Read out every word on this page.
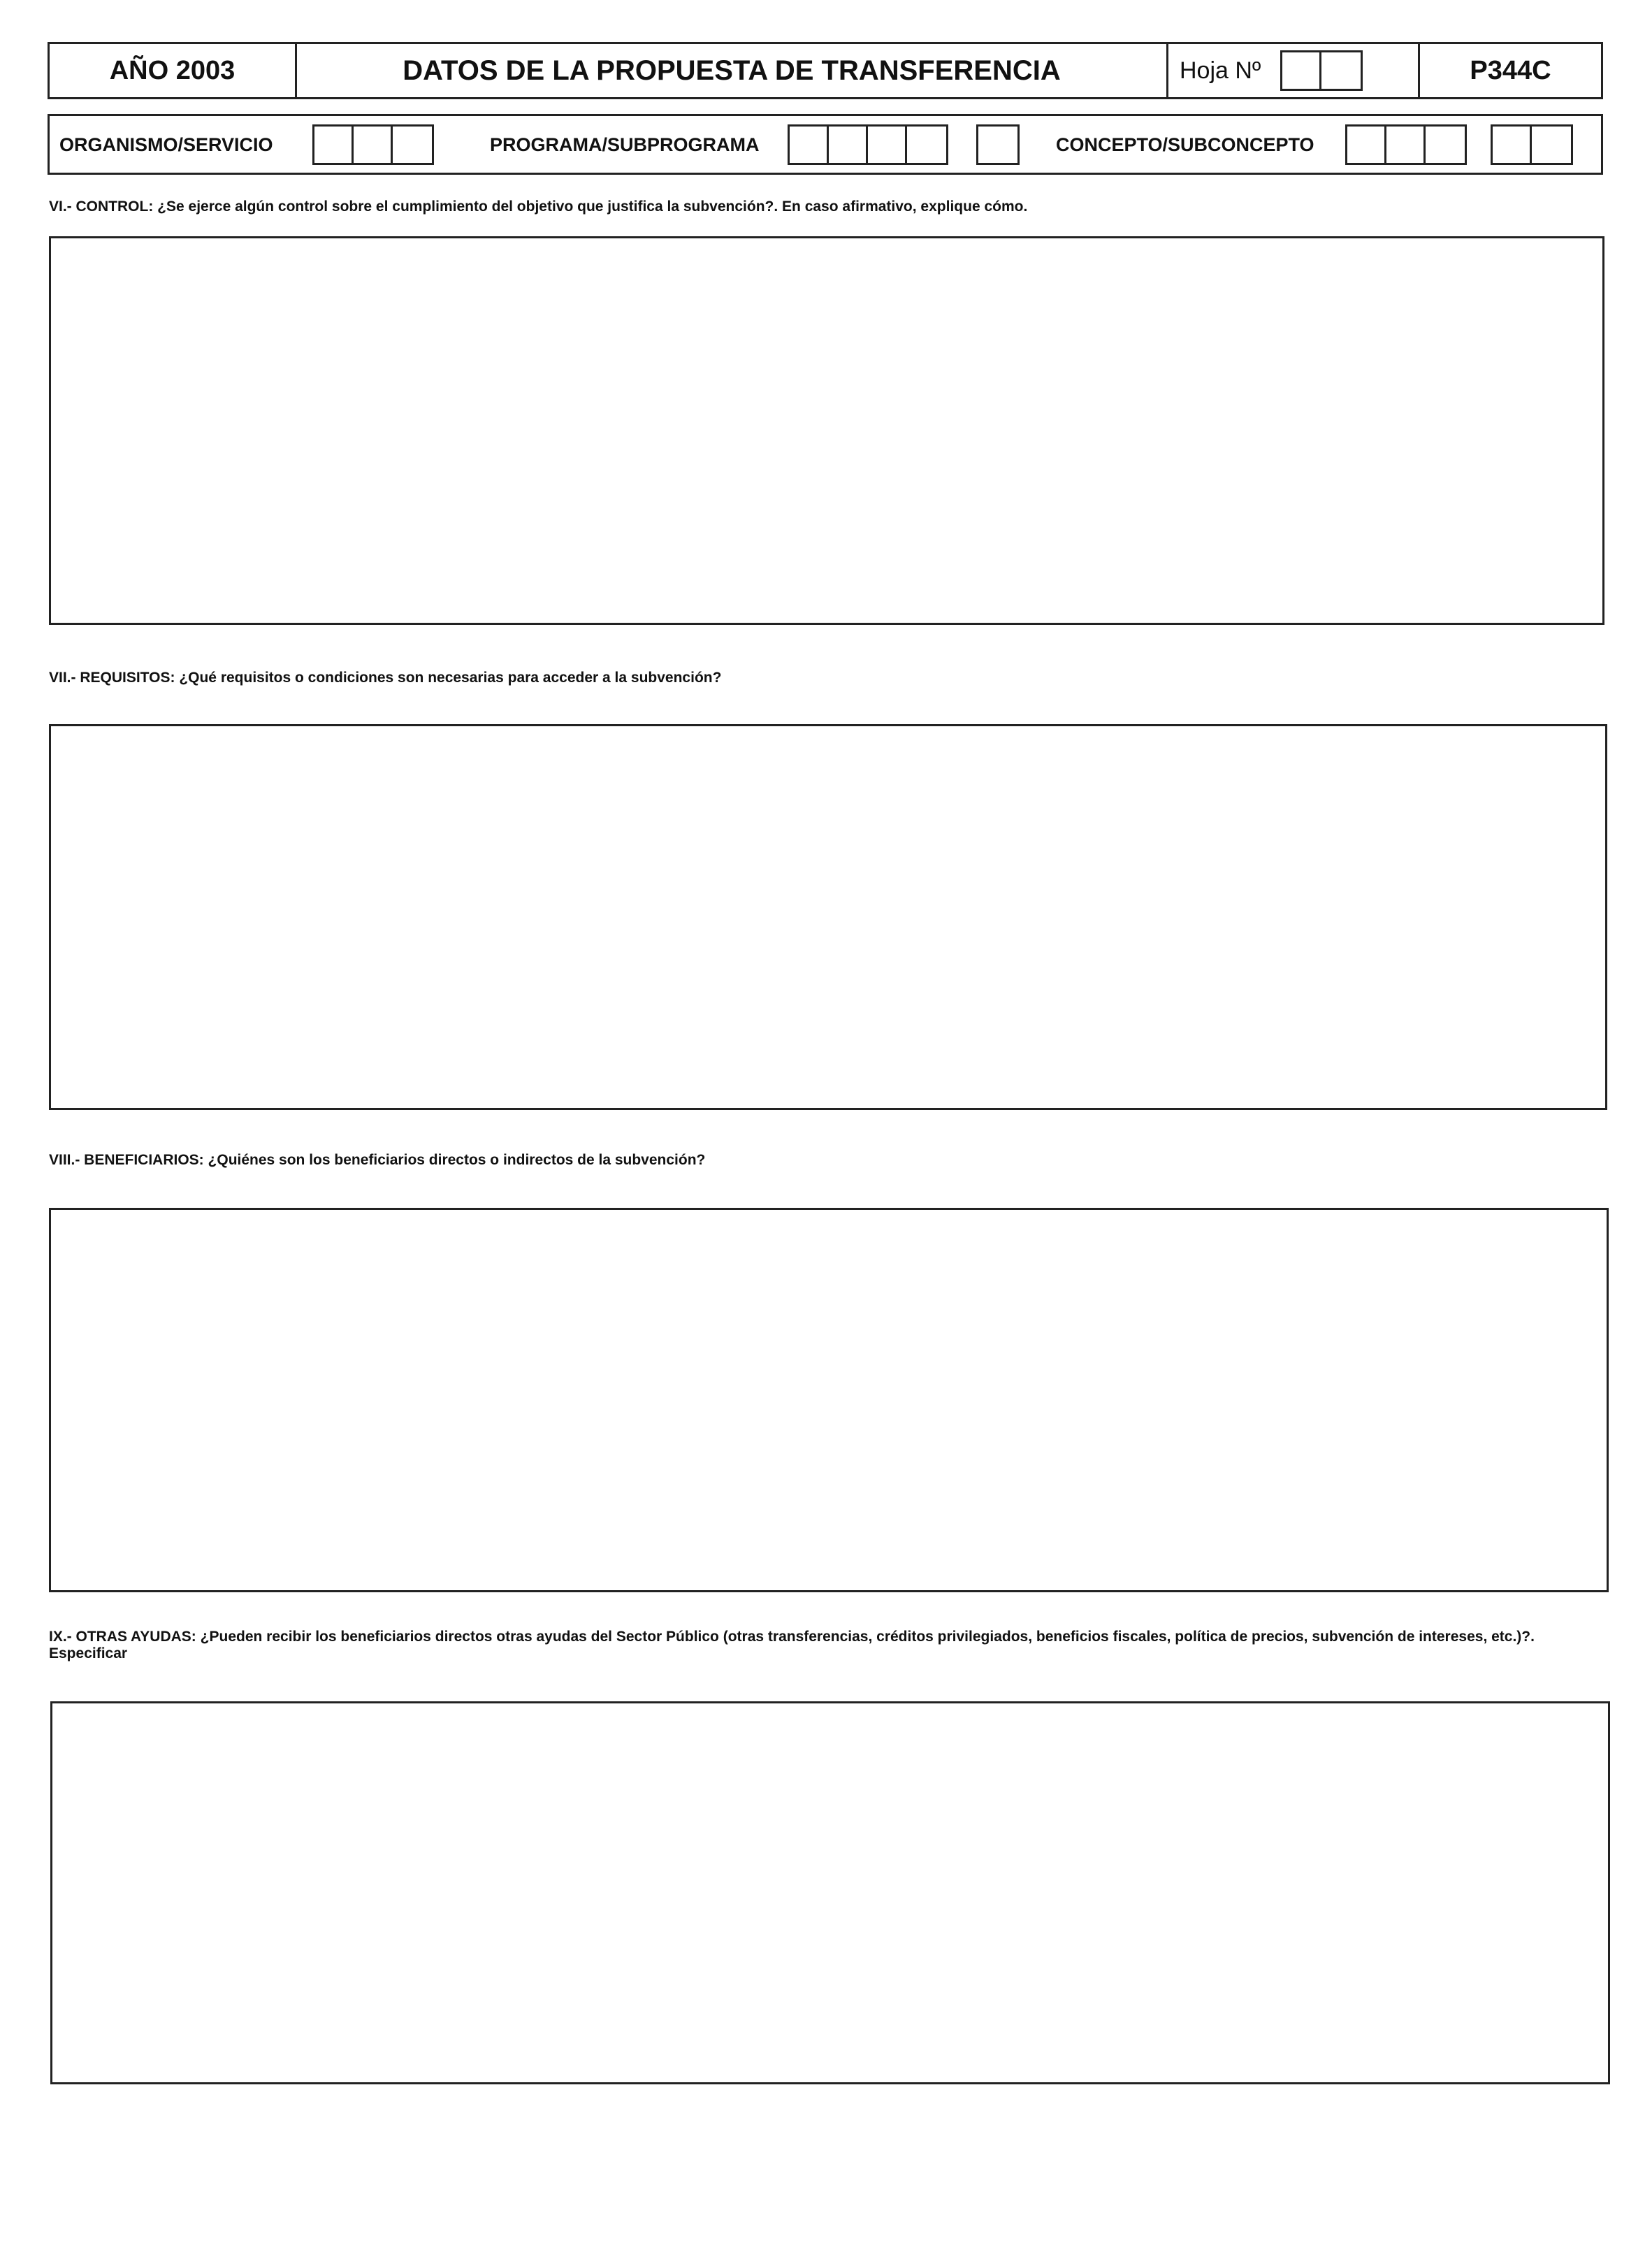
AÑO 2003	DATOS DE LA PROPUESTA DE TRANSFERENCIA	Hoja Nº	P344C
ORGANISMO/SERVICIO	PROGRAMA/SUBPROGRAMA	CONCEPTO/SUBCONCEPTO
VI.- CONTROL: ¿Se ejerce algún control sobre el cumplimiento del objetivo que justifica la subvención?. En caso afirmativo, explique cómo.
VII.- REQUISITOS: ¿Qué requisitos o condiciones son necesarias para acceder a la subvención?
VIII.- BENEFICIARIOS: ¿Quiénes son los beneficiarios directos o indirectos de la subvención?
IX.- OTRAS AYUDAS: ¿Pueden recibir los beneficiarios directos otras ayudas del Sector Público (otras transferencias, créditos privilegiados, beneficios fiscales, política de precios, subvención de intereses, etc.)?. Especificar
